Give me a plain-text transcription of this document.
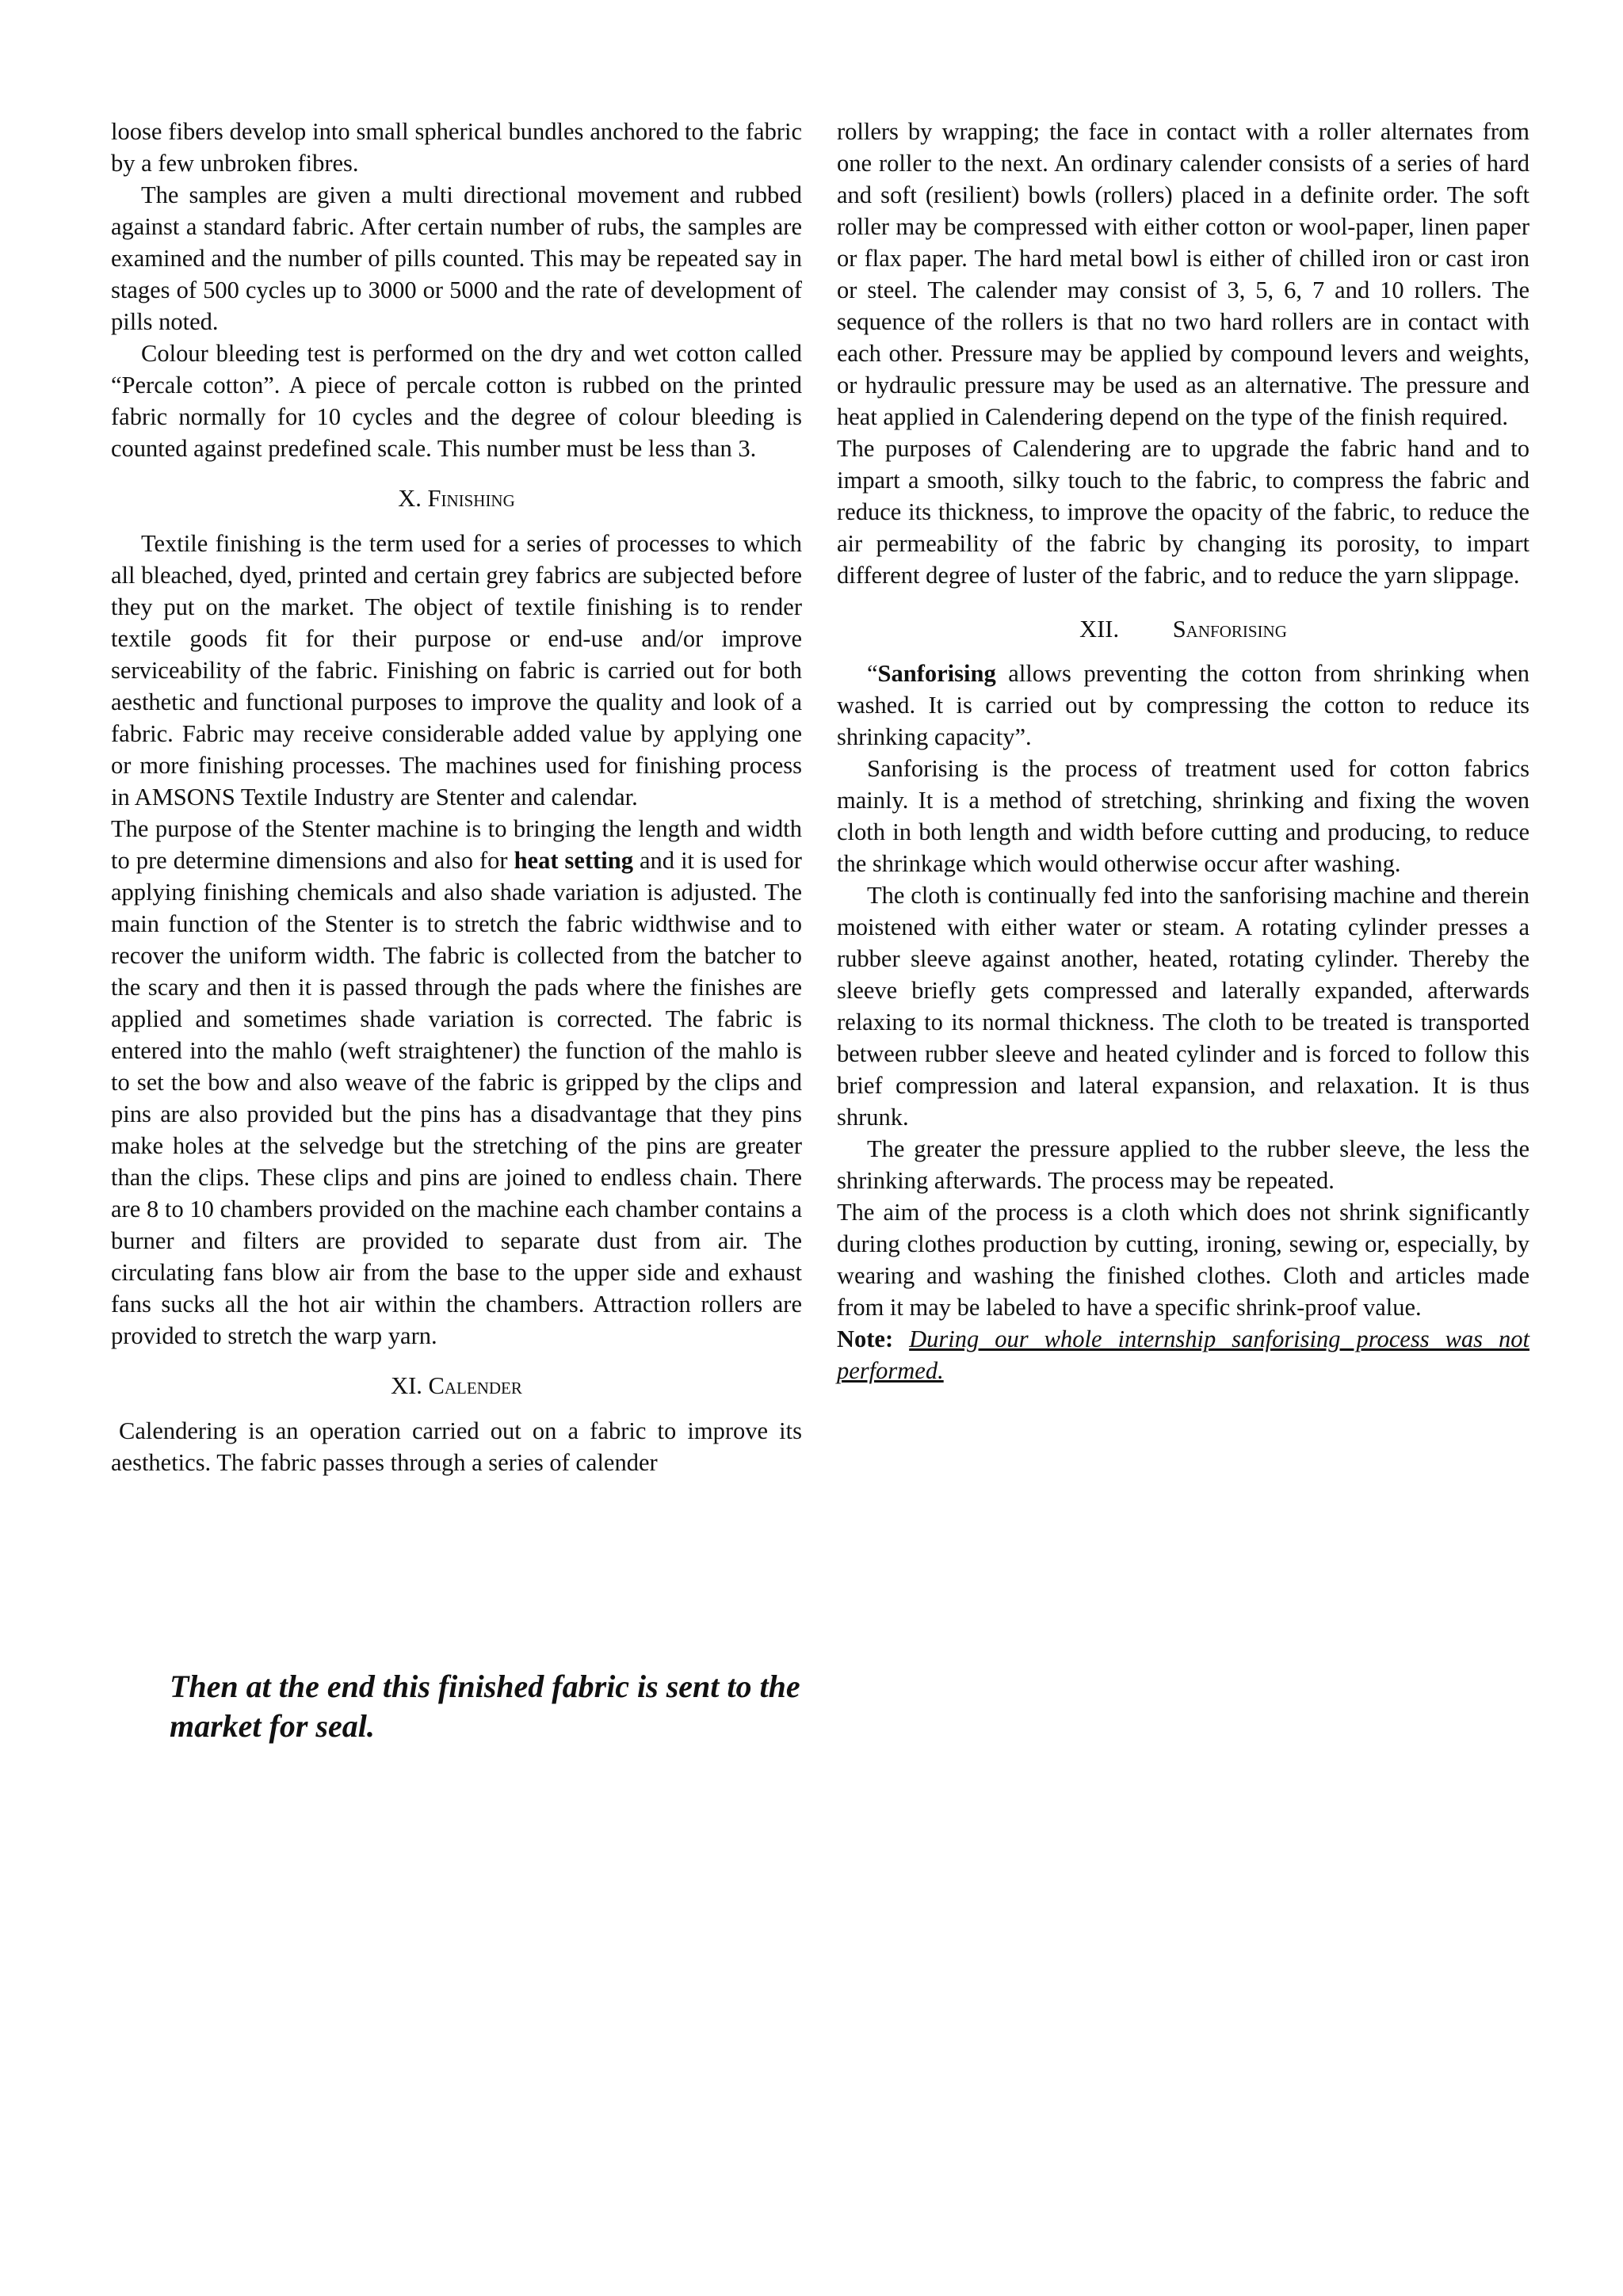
loose fibers develop into small spherical bundles anchored to the fabric by a few unbroken fibres.

The samples are given a multi directional movement and rubbed against a standard fabric. After certain number of rubs, the samples are examined and the number of pills counted. This may be repeated say in stages of 500 cycles up to 3000 or 5000 and the rate of development of pills noted.

Colour bleeding test is performed on the dry and wet cotton called “Percale cotton”. A piece of percale cotton is rubbed on the printed fabric normally for 10 cycles and the degree of colour bleeding is counted against predefined scale. This number must be less than 3.

X. Finishing

Textile finishing is the term used for a series of processes to which all bleached, dyed, printed and certain grey fabrics are subjected before they put on the market. The object of textile finishing is to render textile goods fit for their purpose or end-use and/or improve serviceability of the fabric. Finishing on fabric is carried out for both aesthetic and functional purposes to improve the quality and look of a fabric. Fabric may receive considerable added value by applying one or more finishing processes. The machines used for finishing process in AMSONS Textile Industry are Stenter and calendar.

The purpose of the Stenter machine is to bringing the length and width to pre determine dimensions and also for heat setting and it is used for applying finishing chemicals and also shade variation is adjusted. The main function of the Stenter is to stretch the fabric widthwise and to recover the uniform width. The fabric is collected from the batcher to the scary and then it is passed through the pads where the finishes are applied and sometimes shade variation is corrected. The fabric is entered into the mahlo (weft straightener) the function of the mahlo is to set the bow and also weave of the fabric is gripped by the clips and pins are also provided but the pins has a disadvantage that they pins make holes at the selvedge but the stretching of the pins are greater than the clips. These clips and pins are joined to endless chain. There are 8 to 10 chambers provided on the machine each chamber contains a burner and filters are provided to separate dust from air. The circulating fans blow air from the base to the upper side and exhaust fans sucks all the hot air within the chambers. Attraction rollers are provided to stretch the warp yarn.

XI. Calender

Calendering is an operation carried out on a fabric to improve its aesthetics. The fabric passes through a series of calender

rollers by wrapping; the face in contact with a roller alternates from one roller to the next. An ordinary calender consists of a series of hard and soft (resilient) bowls (rollers) placed in a definite order. The soft roller may be compressed with either cotton or wool-paper, linen paper or flax paper. The hard metal bowl is either of chilled iron or cast iron or steel. The calender may consist of 3, 5, 6, 7 and 10 rollers. The sequence of the rollers is that no two hard rollers are in contact with each other. Pressure may be applied by compound levers and weights, or hydraulic pressure may be used as an alternative. The pressure and heat applied in Calendering depend on the type of the finish required.

The purposes of Calendering are to upgrade the fabric hand and to impart a smooth, silky touch to the fabric, to compress the fabric and reduce its thickness, to improve the opacity of the fabric, to reduce the air permeability of the fabric by changing its porosity, to impart different degree of luster of the fabric, and to reduce the yarn slippage.

XII. Sanforising

“Sanforising allows preventing the cotton from shrinking when washed. It is carried out by compressing the cotton to reduce its shrinking capacity”.

Sanforising is the process of treatment used for cotton fabrics mainly. It is a method of stretching, shrinking and fixing the woven cloth in both length and width before cutting and producing, to reduce the shrinkage which would otherwise occur after washing.

The cloth is continually fed into the sanforising machine and therein moistened with either water or steam. A rotating cylinder presses a rubber sleeve against another, heated, rotating cylinder. Thereby the sleeve briefly gets compressed and laterally expanded, afterwards relaxing to its normal thickness. The cloth to be treated is transported between rubber sleeve and heated cylinder and is forced to follow this brief compression and lateral expansion, and relaxation. It is thus shrunk.

The greater the pressure applied to the rubber sleeve, the less the shrinking afterwards. The process may be repeated.

The aim of the process is a cloth which does not shrink significantly during clothes production by cutting, ironing, sewing or, especially, by wearing and washing the finished clothes. Cloth and articles made from it may be labeled to have a specific shrink-proof value.

Note: During our whole internship sanforising process was not performed.

Then at the end this finished fabric is sent to the market for seal.
